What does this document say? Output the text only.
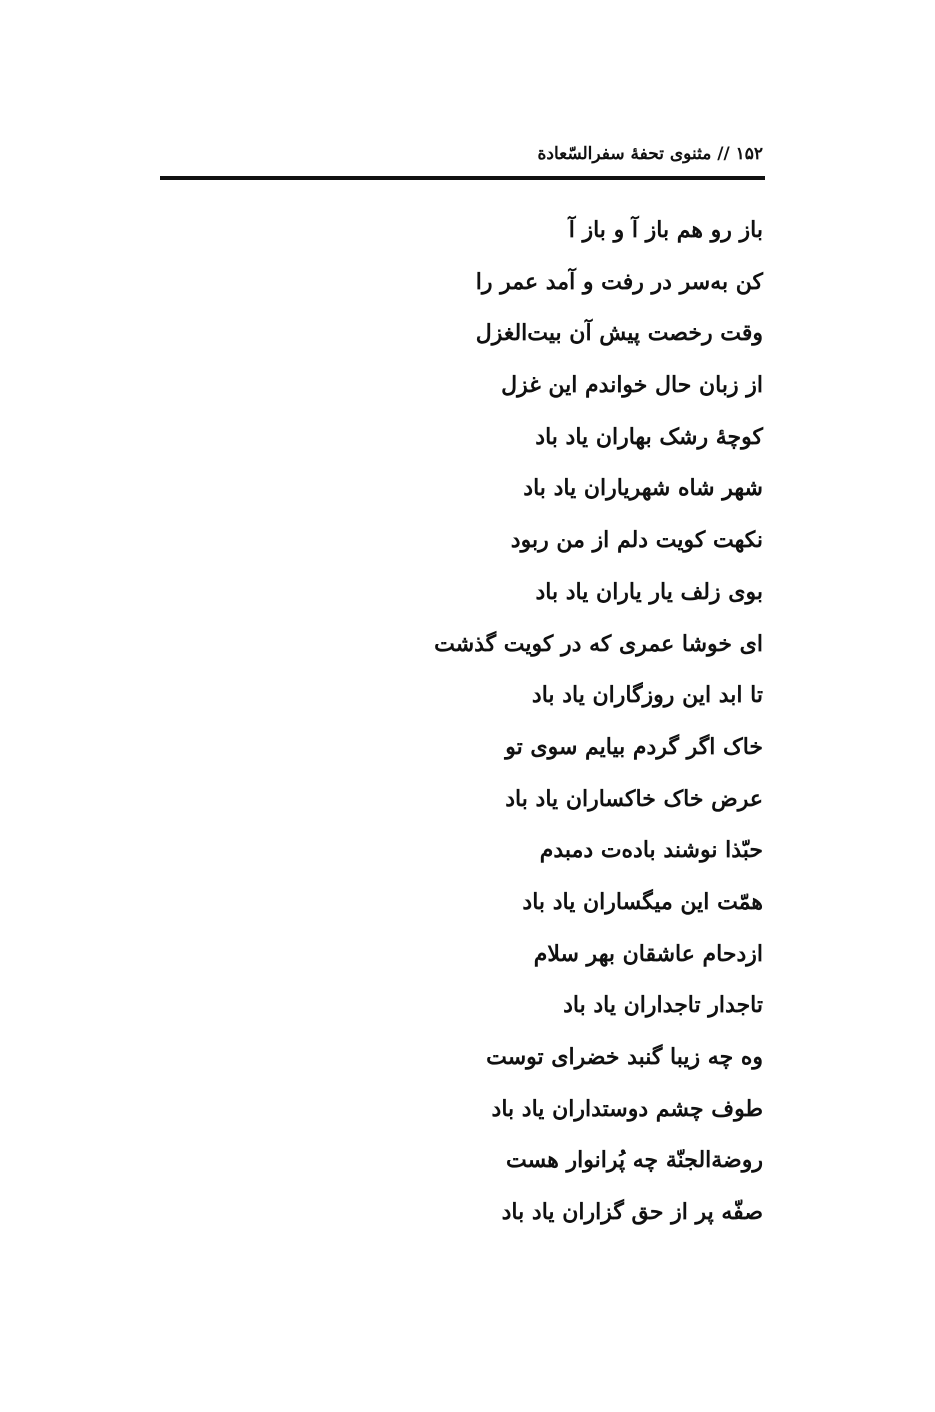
۱۵۲ // مثنوی تحفۀ سفرالسّعادة
باز رو هم باز آ و باز آ
کن به‌سر در رفت و آمد عمر را
وقت رخصت پیش آن بیت‌الغزل
از زبان حال خواندم این غزل
کوچۀ رشک بهاران یاد باد
شهر شاه شهریاران یاد باد
نکهت کویت دلم از من ربود
بوی زلف یار یاران یاد باد
ای خوشا عمری که در کویت گذشت
تا ابد این روزگاران یاد باد
خاک اگر گردم بیایم سوی تو
عرض خاک خاکساران یاد باد
حبّذا نوشند باده‌ت دمبدم
همّت این میگساران یاد باد
ازدحام عاشقان بهر سلام
تاجدار تاجداران یاد باد
وه چه زیبا گنبد خضرای توست
طوف چشم دوستداران یاد باد
روضة‌الجنّة چه پُرانوار هست
صفّه پر از حق گزاران یاد باد
